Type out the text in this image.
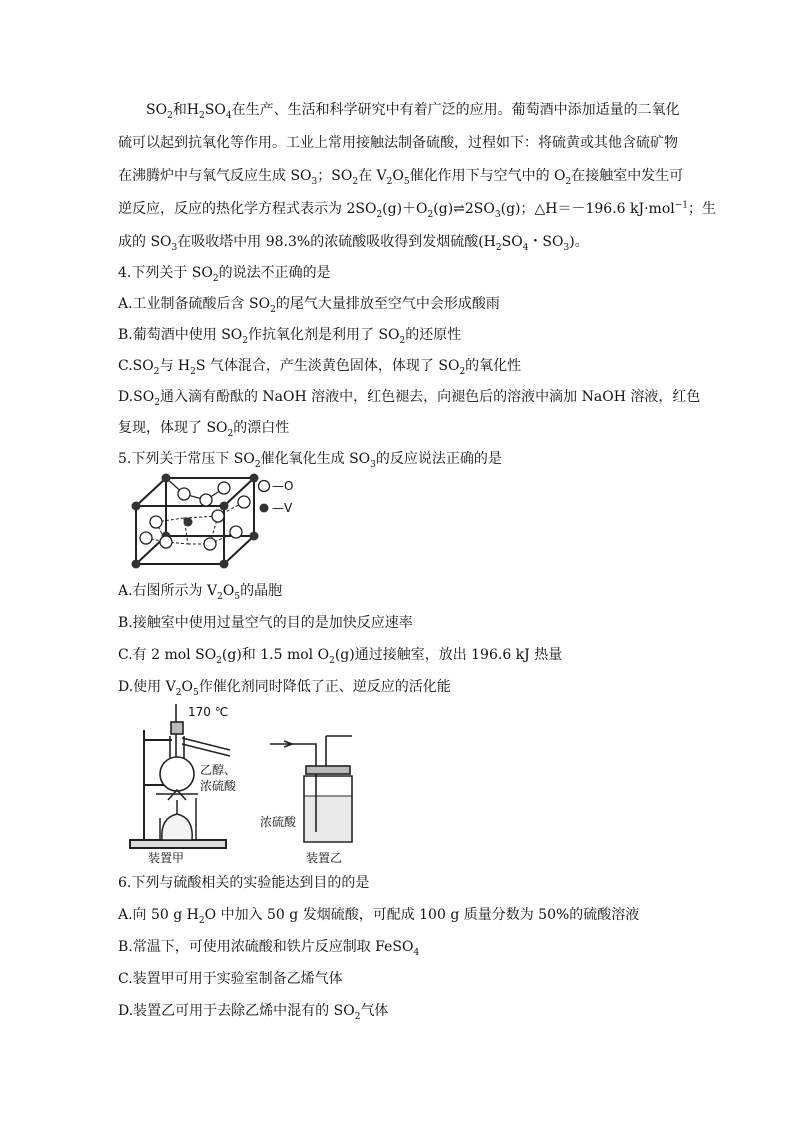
$SO_2$和$H_2SO_4$在生产、生活和科学研究中有着广泛的应用。葡萄酒中添加适量的二氧化
硫可以起到抗氧化等作用。工业上常用接触法制备硫酸，过程如下：将硫黄或其他含硫矿物
在沸腾炉中与氧气反应生成 $SO_3$；$SO_2$在 $V_2O_5$催化作用下与空气中的 $O_2$在接触室中发生可
逆反应，反应的热化学方程式表示为 $2SO_2(g)+O_2(g)\rightleftharpoons 2SO_3(g)$；△H＝－196.6 kJ·mol$^{-1}$；生
成的 $SO_3$在吸收塔中用 98.3%的浓硫酸吸收得到发烟硫酸($H_2SO_4$・$SO_3$)。
4.下列关于 $SO_2$的说法不正确的是
A.工业制备硫酸后含 $SO_2$的尾气大量排放至空气中会形成酸雨
B.葡萄酒中使用 $SO_2$作抗氧化剂是利用了 $SO_2$的还原性
$C.SO_2$与 $H_2S$ 气体混合，产生淡黄色固体，体现了 $SO_2$的氧化性
$D.SO_2$通入滴有酚酞的 NaOH 溶液中，红色褪去，向褪色后的溶液中滴加 NaOH 溶液，红色
复现，体现了 $SO_2$的漂白性
5.下列关于常压下 $SO_2$催化氧化生成 $SO_3$的反应说法正确的是
—O
—V
A.右图所示为 $V_2O_5$的晶胞
B.接触室中使用过量空气的目的是加快反应速率
C.有 2 mol $SO_2(g)$和 1.5 mol $O_2(g)$通过接触室，放出 196.6 kJ 热量
D.使用 $V_2O_5$作催化剂同时降低了正、逆反应的活化能
170 ℃
乙醇、
浓硫酸
装置甲
浓硫酸
装置乙
6.下列与硫酸相关的实验能达到目的的是
A.向 50 g $H_2O$ 中加入 50 g 发烟硫酸，可配成 100 g 质量分数为 50%的硫酸溶液
B.常温下，可使用浓硫酸和铁片反应制取 FeSO$_4$
C.装置甲可用于实验室制备乙烯气体
D.装置乙可用于去除乙烯中混有的 $SO_2$气体
